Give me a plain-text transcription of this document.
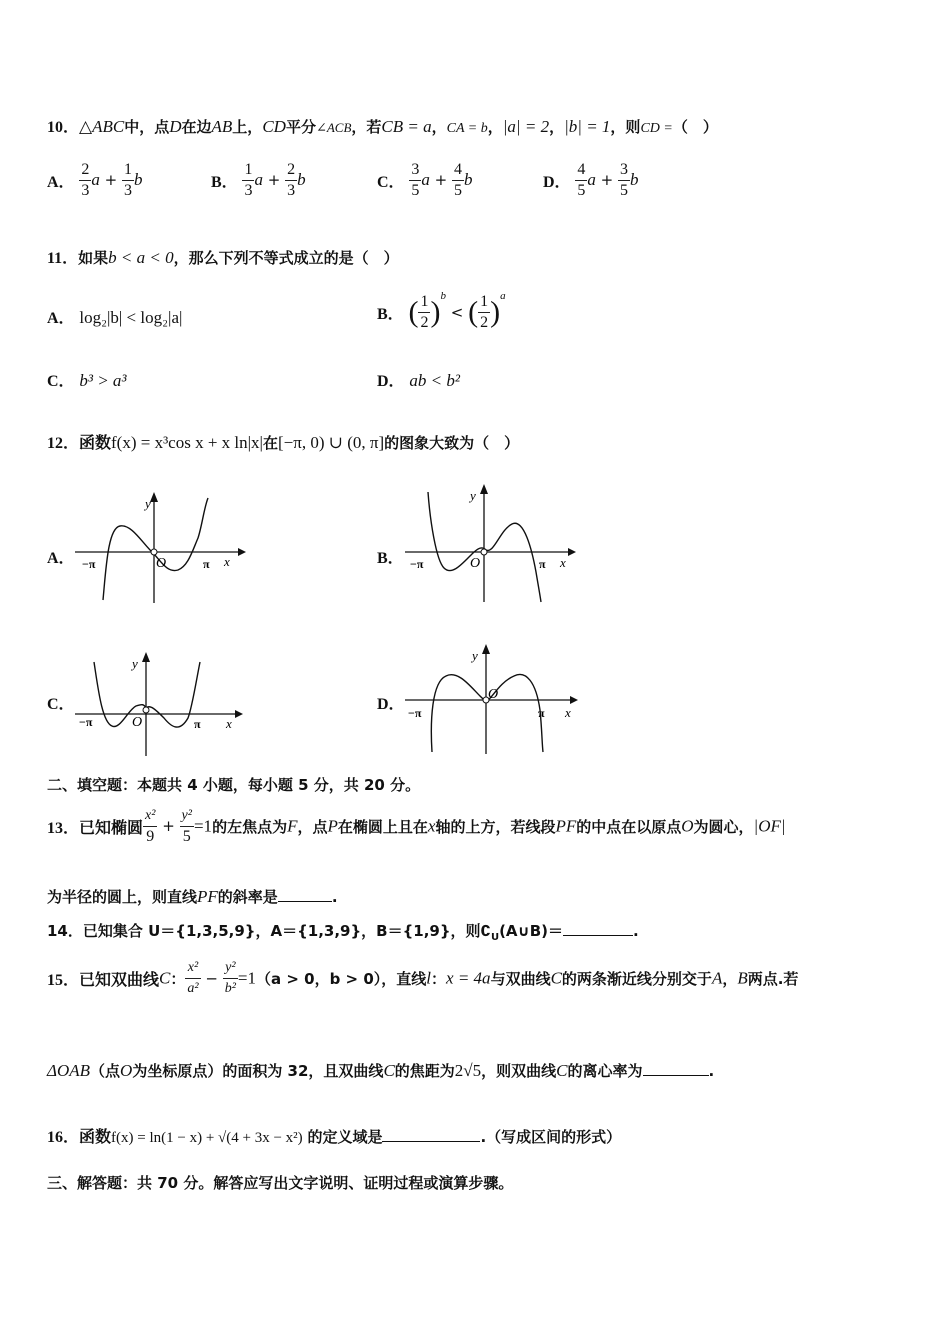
10．△ABC中，点D在边AB上，CD平分∠ACB，若CB = a，CA = b，|a| = 2，|b| = 1，则CD =（　）
A． $\frac{2}{3}$ $a + \frac{1}{3}$ b	B． $\frac{1}{3}$ $a + \frac{2}{3}$ b	C． $\frac{3}{5}$ $a + \frac{4}{5}$ b	D． $\frac{4}{5}$ $a + \frac{3}{5}$ b
11．如果b < a < 0，那么下列不等式成立的是（　）
A． log₂|b| < log₂|a|	B． ( $\frac{1}{2} )^b$ < ( $\frac{1}{2} )^a$
C． b³ > a³	D． ab < b²
12．函数f(x) = x³cos x + x ln|x|在[−π, 0) ∪ (0, π]的图象大致为（　）
A．	B．
C．	D．
y
x
O
−π	π
y
x
O
−π	π
y
x
O
−π	π
y
x
O
−π	π
二、填空题：本题共 4 小题，每小题 5 分，共 20 分。
13．已知椭圆 $\frac{\text{x²}}{9} + \frac{\text{y²}}{5} =1$的左焦点为F，点P在椭圆上且在x轴的上方，若线段PF的中点在以原点O为圆心，|OF|
为半径的圆上，则直线PF的斜率是	.
14．已知集合 U＝{1,3,5,9}，A＝{1,3,9}，B＝{1,9}，则$∁_U(A\cup B)=$	.
15．已知双曲线C： $\frac{\text{x²}}{\text{a²}} - \frac{\text{y²}}{\text{b²}} =1(a > 0$，b > 0），直线l：x = 4a与双曲线C的两条渐近线分别交于A，B两点.若
ΔOAB（点O为坐标原点）的面积为 32，且双曲线C的焦距为2√5，则双曲线C的离心率为	.
16．函数f(x) = ln(1 − x) + √(4 + 3x − x²) 的定义域是	.（写成区间的形式）
三、解答题：共 70 分。解答应写出文字说明、证明过程或演算步骤。
